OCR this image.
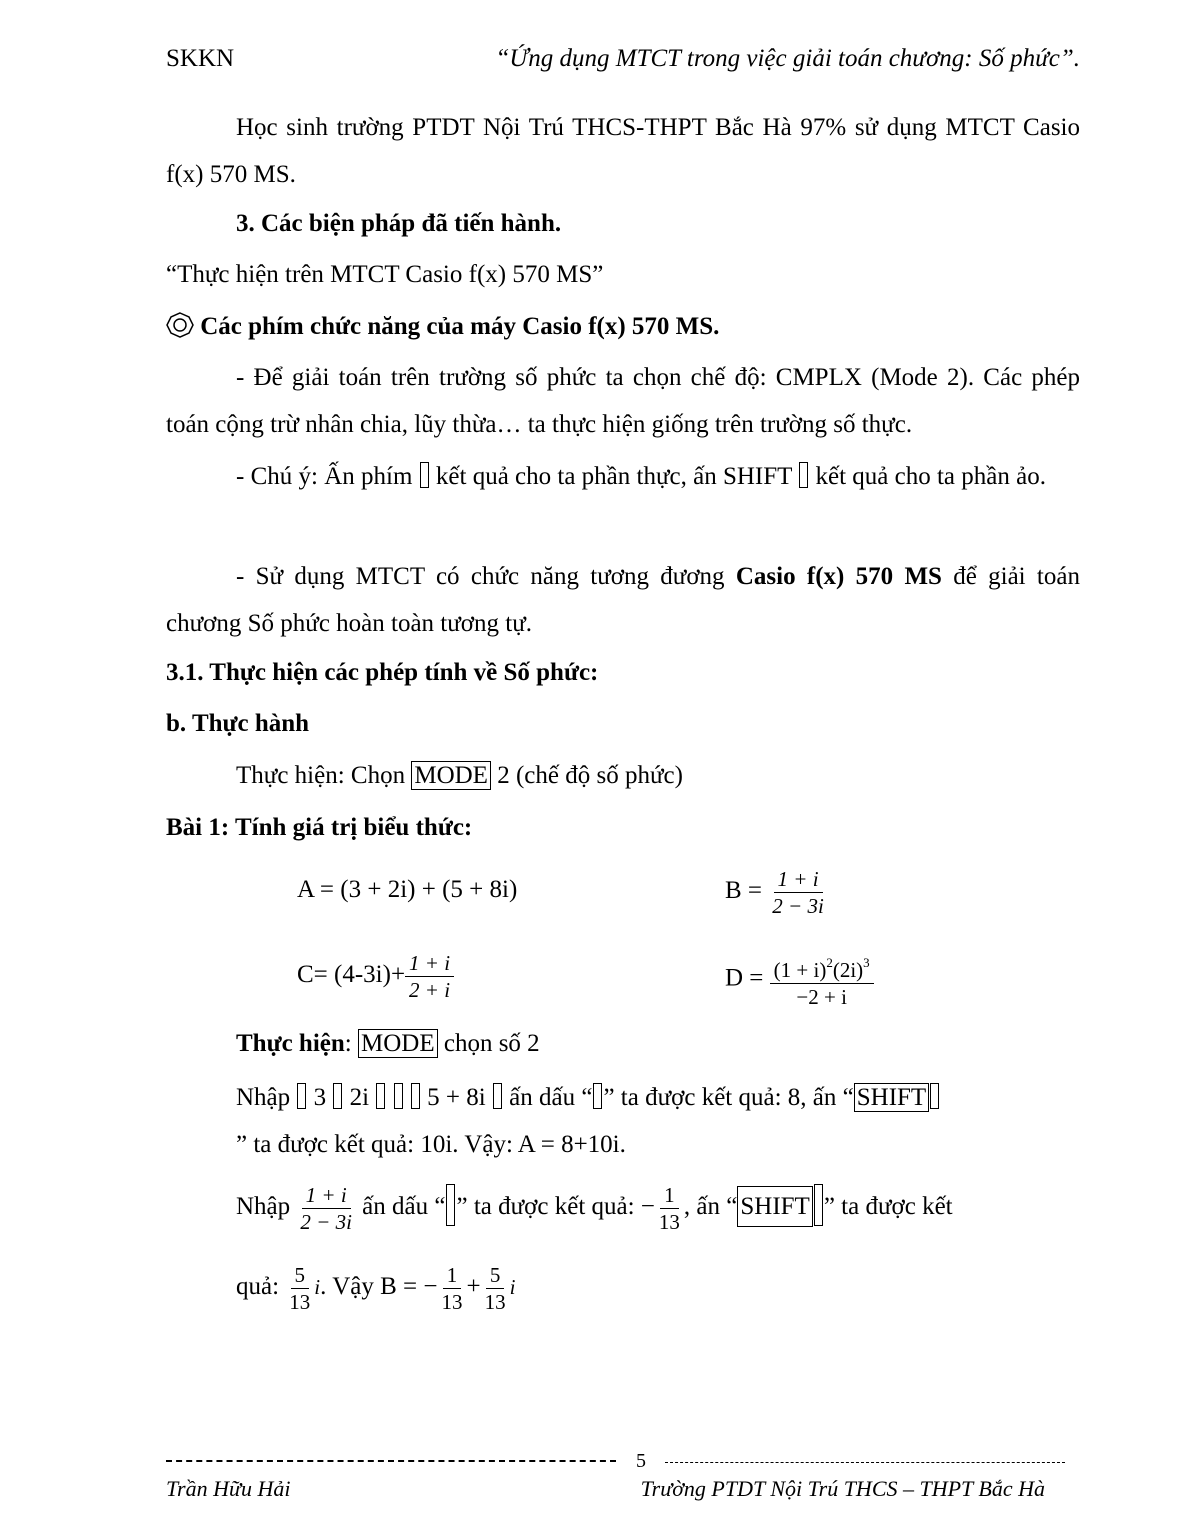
SKKN	“Ứng dụng MTCT trong việc giải toán chương: Số phức”.
Học sinh trường PTDT Nội Trú THCS-THPT Bắc Hà 97% sử dụng MTCT Casio f(x) 570 MS.
3. Các biện pháp đã tiến hành.
“Thực hiện trên MTCT Casio f(x) 570 MS”
Các phím chức năng của máy Casio f(x) 570 MS.
- Để giải toán trên trường số phức ta chọn chế độ: CMPLX (Mode 2). Các phép toán cộng trừ nhân chia, lũy thừa… ta thực hiện giống trên trường số thực.
- Chú ý: Ấn phím kết quả cho ta phần thực, ấn SHIFT kết quả cho ta phần ảo.
- Sử dụng MTCT có chức năng tương đương Casio f(x) 570 MS để giải toán chương Số phức hoàn toàn tương tự.
3.1. Thực hiện các phép tính về Số phức:
b. Thực hành
Thực hiện: Chọn MODE 2 (chế độ số phức)
Bài 1: Tính giá trị biểu thức:
A = (3 + 2i) + (5 + 8i)	$B = \frac{1 + i}{2 - 3i}$
$C= (4-3i)+ \frac{1 + i}{2 + i}$	$D = \frac{(1 + i)^2(2i)^3}{-2 + i}$
Thực hiện: MODE chọn số 2
Nhập 3 2i 5 + 8i ấn dấu “ ” ta được kết quả: 8, ấn “ SHIFT
” ta được kết quả: 10i. Vậy: A = 8+10i.
Nhập $\frac{1 + i}{2 - 3i}$ ấn dấu “ ” ta được kết quả: − $\frac{1}{13}$ , ấn “ SHIFT ” ta được kết
quả: $\frac{5}{13} i$. Vậy B = − $\frac{1}{13} + \frac{5}{13}$ i
5
Trần Hữu Hải	Trường PTDT Nội Trú THCS – THPT Bắc Hà
